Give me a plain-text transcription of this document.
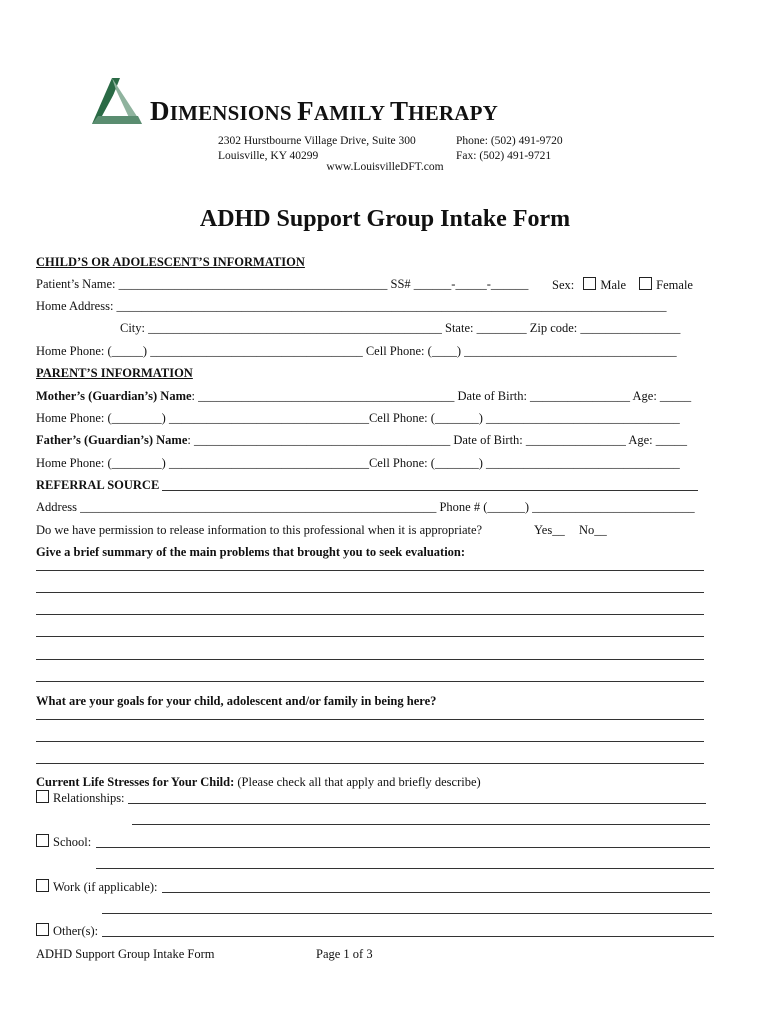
DIMENSIONS FAMILY THERAPY
2302 Hurstbourne Village Drive, Suite 300
Louisville, KY 40299
Phone: (502) 491-9720
Fax: (502) 491-9721
www.LouisvilleDFT.com
ADHD Support Group Intake Form
CHILD’S OR ADOLESCENT’S INFORMATION
Patient’s Name: ___________________________________________ SS# ______-_____-______ Sex: Male Female
Home Address: ________________________________________________________________________________________
City: _______________________________________________ State: ________ Zip code: ________________
Home Phone: (_____) __________________________________ Cell Phone: (____) __________________________________
PARENT’S INFORMATION
Mother’s (Guardian’s) Name: _________________________________________ Date of Birth: ________________ Age: _____
Home Phone: (________) ________________________________Cell Phone: (_______) _______________________________
Father’s (Guardian’s) Name: _________________________________________ Date of Birth: ________________ Age: _____
Home Phone: (________) ________________________________Cell Phone: (_______) _______________________________
REFERRAL SOURCE
Address _________________________________________________________ Phone # (______) __________________________
Do we have permission to release information to this professional when it is appropriate?	Yes__ No__
Give a brief summary of the main problems that brought you to seek evaluation:
What are your goals for your child, adolescent and/or family in being here?
Current Life Stresses for Your Child: (Please check all that apply and briefly describe)
Relationships:
School:
Work (if applicable):
Other(s):
ADHD Support Group Intake Form	Page 1 of 3
